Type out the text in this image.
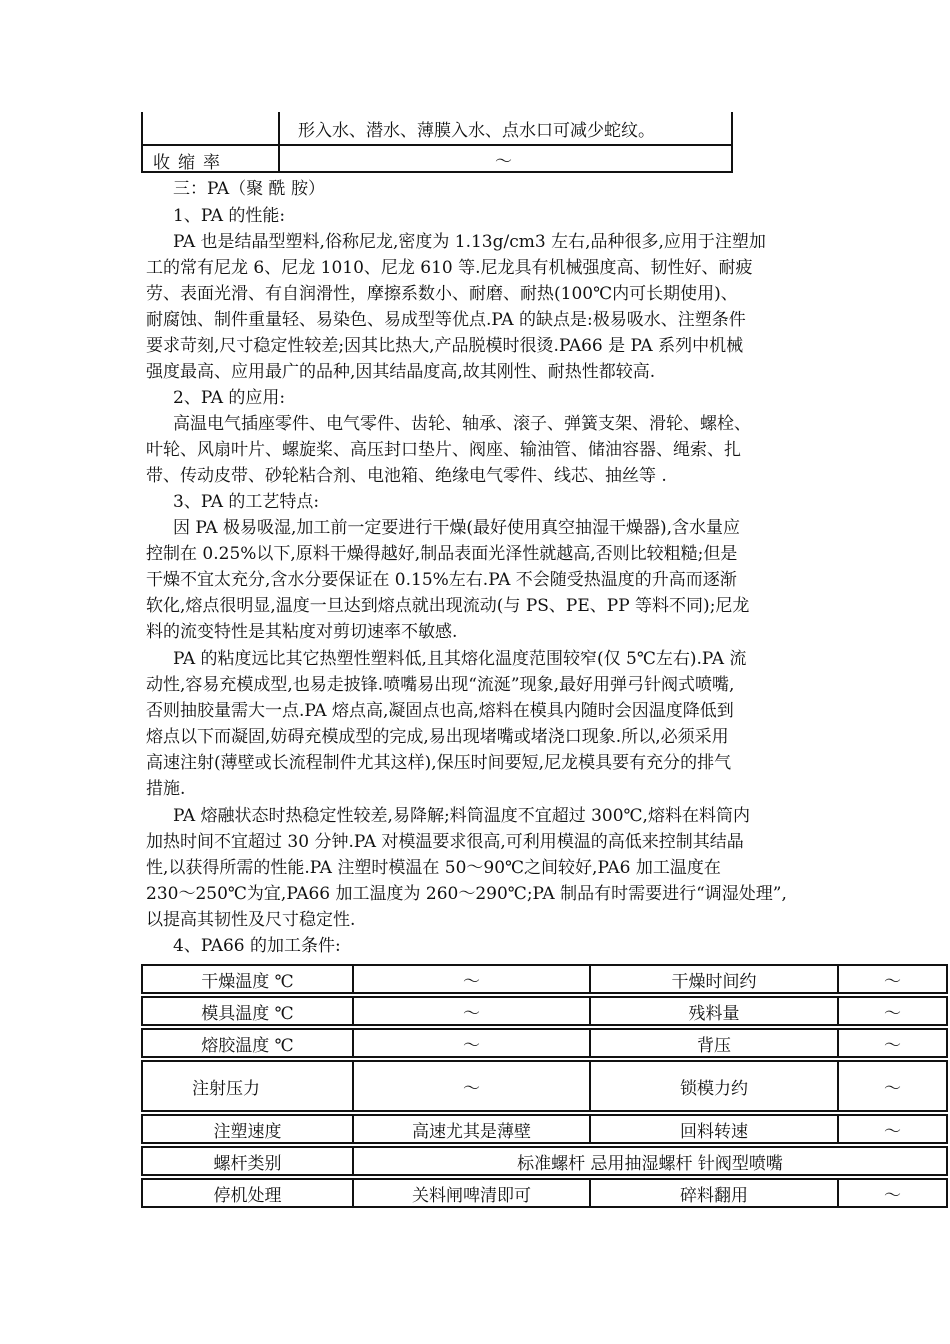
形入水、潜水、薄膜入水、点水口可减少蛇纹。
收缩率	～
三：PA（聚 酰 胺）
1、PA 的性能:
PA 也是结晶型塑料,俗称尼龙,密度为 1.13g/cm3 左右,品种很多,应用于注塑加
工的常有尼龙 6、尼龙 1010、尼龙 610 等.尼龙具有机械强度高、韧性好、耐疲
劳、表面光滑、有自润滑性，摩擦系数小、耐磨、耐热(100℃内可长期使用)、
耐腐蚀、制件重量轻、易染色、易成型等优点.PA 的缺点是:极易吸水、注塑条件
要求苛刻,尺寸稳定性较差;因其比热大,产品脱模时很烫.PA66 是 PA 系列中机械
强度最高、应用最广的品种,因其结晶度高,故其刚性、耐热性都较高.
2、PA 的应用:
高温电气插座零件、电气零件、齿轮、轴承、滚子、弹簧支架、滑轮、螺栓、
叶轮、风扇叶片、螺旋桨、高压封口垫片、阀座、输油管、储油容器、绳索、扎
带、传动皮带、砂轮粘合剂、电池箱、绝缘电气零件、线芯、抽丝等 .
3、PA 的工艺特点:
因 PA 极易吸湿,加工前一定要进行干燥(最好使用真空抽湿干燥器),含水量应
控制在 0.25%以下,原料干燥得越好,制品表面光泽性就越高,否则比较粗糙;但是
干燥不宜太充分,含水分要保证在 0.15%左右.PA 不会随受热温度的升高而逐渐
软化,熔点很明显,温度一旦达到熔点就出现流动(与 PS、PE、PP 等料不同);尼龙
料的流变特性是其粘度对剪切速率不敏感.
PA 的粘度远比其它热塑性塑料低,且其熔化温度范围较窄(仅 5℃左右).PA 流
动性,容易充模成型,也易走披锋.喷嘴易出现“流涎”现象,最好用弹弓针阀式喷嘴,
否则抽胶量需大一点.PA 熔点高,凝固点也高,熔料在模具内随时会因温度降低到
熔点以下而凝固,妨碍充模成型的完成,易出现堵嘴或堵浇口现象.所以,必须采用
高速注射(薄壁或长流程制件尤其这样),保压时间要短,尼龙模具要有充分的排气
措施.
PA 熔融状态时热稳定性较差,易降解;料筒温度不宜超过 300℃,熔料在料筒内
加热时间不宜超过 30 分钟.PA 对模温要求很高,可利用模温的高低来控制其结晶
性,以获得所需的性能.PA 注塑时模温在 50～90℃之间较好,PA6 加工温度在
230～250℃为宜,PA66 加工温度为 260～290℃;PA 制品有时需要进行“调湿处理”,
以提高其韧性及尺寸稳定性.
4、PA66 的加工条件:
干燥温度 ℃	～	干燥时间约	～
模具温度 ℃	～	残料量	～
熔胶温度 ℃	～	背压	～
注射压力	～	锁模力约	～
注塑速度	高速尤其是薄壁	回料转速	～
螺杆类别	标准螺杆 忌用抽湿螺杆 针阀型喷嘴
停机处理	关料闸啤清即可	碎料翻用	～
